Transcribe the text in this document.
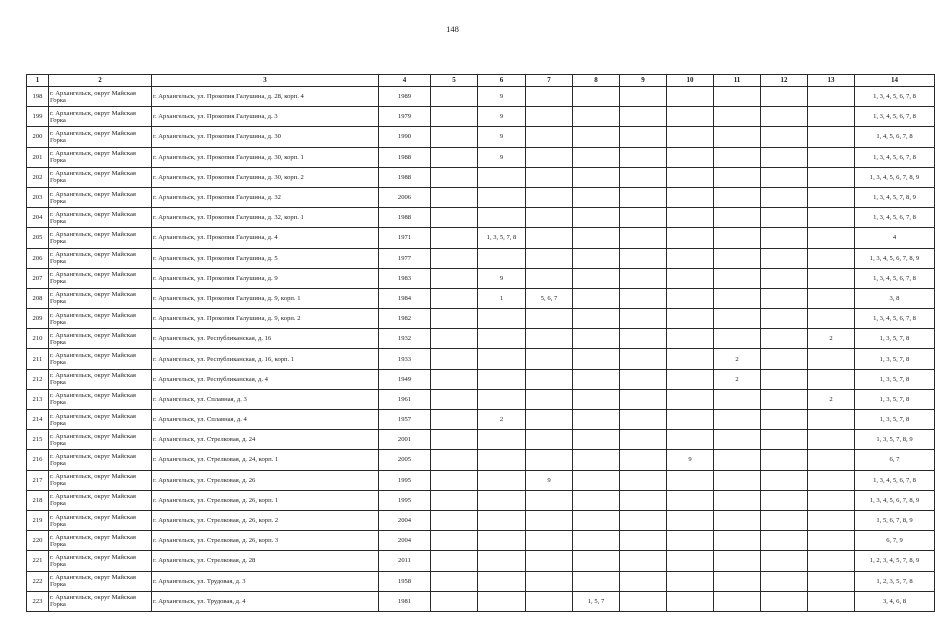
148
1	2	3	4	5	6	7	8	9	10	11	12	13	14
198	г. Архангельск, округ Майская Горка	г. Архангельск, ул. Прокопия Галушина, д. 28, корп. 4	1989		9								1, 3, 4, 5, 6, 7, 8
199	г. Архангельск, округ Майская Горка	г. Архангельск, ул. Прокопия Галушина, д. 3	1979		9								1, 3, 4, 5, 6, 7, 8
200	г. Архангельск, округ Майская Горка	г. Архангельск, ул. Прокопия Галушина, д. 30	1990		9								1, 4, 5, 6, 7, 8
201	г. Архангельск, округ Майская Горка	г. Архангельск, ул. Прокопия Галушина, д. 30, корп. 1	1988		9								1, 3, 4, 5, 6, 7, 8
202	г. Архангельск, округ Майская Горка	г. Архангельск, ул. Прокопия Галушина, д. 30, корп. 2	1988										1, 3, 4, 5, 6, 7, 8, 9
203	г. Архангельск, округ Майская Горка	г. Архангельск, ул. Прокопия Галушина, д. 32	2006										1, 3, 4, 5, 7, 8, 9
204	г. Архангельск, округ Майская Горка	г. Архангельск, ул. Прокопия Галушина, д. 32, корп. 1	1988										1, 3, 4, 5, 6, 7, 8
205	г. Архангельск, округ Майская Горка	г. Архангельск, ул. Прокопия Галушина, д. 4	1971		1, 3, 5, 7, 8								4
206	г. Архангельск, округ Майская Горка	г. Архангельск, ул. Прокопия Галушина, д. 5	1977										1, 3, 4, 5, 6, 7, 8, 9
207	г. Архангельск, округ Майская Горка	г. Архангельск, ул. Прокопия Галушина, д. 9	1983		9								1, 3, 4, 5, 6, 7, 8
208	г. Архангельск, округ Майская Горка	г. Архангельск, ул. Прокопия Галушина, д. 9, корп. 1	1984		1	5, 6, 7							3, 8
209	г. Архангельск, округ Майская Горка	г. Архангельск, ул. Прокопия Галушина, д. 9, корп. 2	1982										1, 3, 4, 5, 6, 7, 8
210	г. Архангельск, округ Майская Горка	г. Архангельск, ул. Республиканская, д. 16	1932									2	1, 3, 5, 7, 8
211	г. Архангельск, округ Майская Горка	г. Архангельск, ул. Республиканская, д. 16, корп. 1	1933							2			1, 3, 5, 7, 8
212	г. Архангельск, округ Майская Горка	г. Архангельск, ул. Республиканская, д. 4	1949							2			1, 3, 5, 7, 8
213	г. Архангельск, округ Майская Горка	г. Архангельск, ул. Сплавная, д. 3	1961									2	1, 3, 5, 7, 8
214	г. Архангельск, округ Майская Горка	г. Архангельск, ул. Сплавная, д. 4	1957		2								1, 3, 5, 7, 8
215	г. Архангельск, округ Майская Горка	г. Архангельск, ул. Стрелковая, д. 24	2001										1, 3, 5, 7, 8, 9
216	г. Архангельск, округ Майская Горка	г. Архангельск, ул. Стрелковая, д. 24, корп. 1	2005						9				6, 7
217	г. Архангельск, округ Майская Горка	г. Архангельск, ул. Стрелковая, д. 26	1995			9							1, 3, 4, 5, 6, 7, 8
218	г. Архангельск, округ Майская Горка	г. Архангельск, ул. Стрелковая, д. 26, корп. 1	1995										1, 3, 4, 5, 6, 7, 8, 9
219	г. Архангельск, округ Майская Горка	г. Архангельск, ул. Стрелковая, д. 26, корп. 2	2004										1, 5, 6, 7, 8, 9
220	г. Архангельск, округ Майская Горка	г. Архангельск, ул. Стрелковая, д. 26, корп. 3	2004										6, 7, 9
221	г. Архангельск, округ Майская Горка	г. Архангельск, ул. Стрелковая, д. 28	2011										1, 2, 3, 4, 5, 7, 8, 9
222	г. Архангельск, округ Майская Горка	г. Архангельск, ул. Трудовая, д. 3	1958										1, 2, 3, 5, 7, 8
223	г. Архангельск, округ Майская Горка	г. Архангельск, ул. Трудовая, д. 4	1981				1, 5, 7						3, 4, 6, 8
